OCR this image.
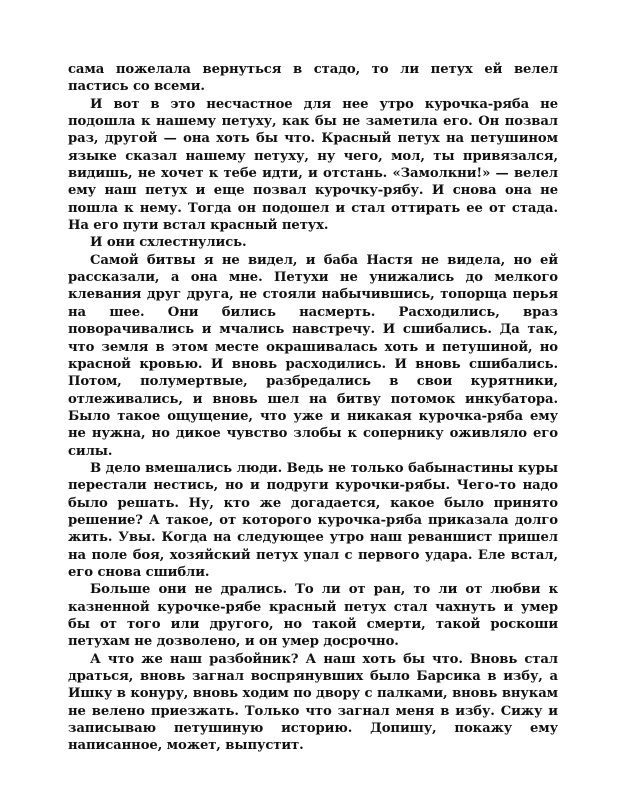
сама пожелала вернуться в стадо, то ли петух ей велел пастись со всеми.

И вот в это несчастное для нее утро курочка-ряба не подошла к нашему петуху, как бы не заметила его. Он позвал раз, другой — она хоть бы что. Красный петух на петушином языке сказал нашему петуху, ну чего, мол, ты привязался, видишь, не хочет к тебе идти, и отстань. «Замолкни!» — велел ему наш петух и еще позвал курочку-рябу. И снова она не пошла к нему. Тогда он подошел и стал оттирать ее от стада. На его пути встал красный петух.

И они схлестнулись.

Самой битвы я не видел, и баба Настя не видела, но ей рассказали, а она мне. Петухи не унижались до мелкого клевания друг друга, не стояли набычившись, топорща перья на шее. Они бились насмерть. Расходились, враз поворачивались и мчались навстречу. И сшибались. Да так, что земля в этом месте окрашивалась хоть и петушиной, но красной кровью. И вновь расходились. И вновь сшибались. Потом, полумертвые, разбредались в свои курятники, отлеживались, и вновь шел на битву потомок инкубатора. Было такое ощущение, что уже и никакая курочка-ряба ему не нужна, но дикое чувство злобы к сопернику оживляло его силы.

В дело вмешались люди. Ведь не только бабынастины куры перестали нестись, но и подруги курочки-рябы. Чего-то надо было решать. Ну, кто же догадается, какое было принято решение? А такое, от которого курочка-ряба приказала долго жить. Увы. Когда на следующее утро наш реваншист пришел на поле боя, хозяйский петух упал с первого удара. Еле встал, его снова сшибли.

Больше они не дрались. То ли от ран, то ли от любви к казненной курочке-рябе красный петух стал чахнуть и умер бы от того или другого, но такой смерти, такой роскоши петухам не дозволено, и он умер досрочно.

А что же наш разбойник? А наш хоть бы что. Вновь стал драться, вновь загнал воспрянувших было Барсика в избу, а Ишку в конуру, вновь ходим по двору с палками, вновь внукам не велено приезжать. Только что загнал меня в избу. Сижу и записываю петушиную историю. Допишу, покажу ему написанное, может, выпустит.
